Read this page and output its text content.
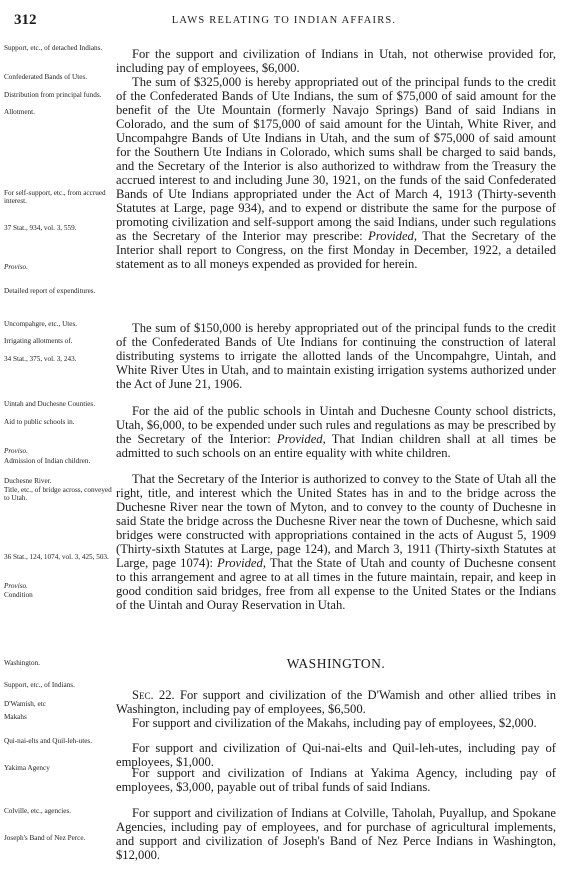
312	LAWS RELATING TO INDIAN AFFAIRS.
Support, etc., of detached Indians.
Confederated Bands of Utes.
Distribution from principal funds.
Allotment.
For self-support, etc., from accrued interest.
37 Stat., 934, vol. 3, 559.
Proviso.
Detailed report of expenditures.
Uncompahgre, etc., Utes.
Irrigating allotments of.
34 Stat., 375, vol. 3, 243.
Uintah and Duchesne Counties.
Aid to public schools in.
Proviso.
Admission of Indian children.
Duchesne River.
Title, etc., of bridge across, conveyed to Utah.
36 Stat., 124, 1074, vol. 3, 425, 503.
Proviso.
Condition
Washington.
Support, etc., of Indians.
D'Wamish, etc
Makahs
Qui-nai-elts and Quil-leh-utes.
Yakima Agency
Colville, etc., agencies.
Joseph's Band of Nez Perce.
For the support and civilization of Indians in Utah, not otherwise provided for, including pay of employees, $6,000.
The sum of $325,000 is hereby appropriated out of the principal funds to the credit of the Confederated Bands of Ute Indians, the sum of $75,000 of said amount for the benefit of the Ute Mountain (formerly Navajo Springs) Band of said Indians in Colorado, and the sum of $175,000 of said amount for the Uintah, White River, and Uncompahgre Bands of Ute Indians in Utah, and the sum of $75,000 of said amount for the Southern Ute Indians in Colorado, which sums shall be charged to said bands, and the Secretary of the Interior is also authorized to withdraw from the Treasury the accrued interest to and including June 30, 1921, on the funds of the said Confederated Bands of Ute Indians appropriated under the Act of March 4, 1913 (Thirty-seventh Statutes at Large, page 934), and to expend or distribute the same for the purpose of promoting civilization and self-support among the said Indians, under such regulations as the Secretary of the Interior may prescribe: Provided, That the Secretary of the Interior shall report to Congress, on the first Monday in December, 1922, a detailed statement as to all moneys expended as provided for herein.
The sum of $150,000 is hereby appropriated out of the principal funds to the credit of the Confederated Bands of Ute Indians for continuing the construction of lateral distributing systems to irrigate the allotted lands of the Uncompahgre, Uintah, and White River Utes in Utah, and to maintain existing irrigation systems authorized under the Act of June 21, 1906.
For the aid of the public schools in Uintah and Duchesne County school districts, Utah, $6,000, to be expended under such rules and regulations as may be prescribed by the Secretary of the Interior: Provided, That Indian children shall at all times be admitted to such schools on an entire equality with white children.
That the Secretary of the Interior is authorized to convey to the State of Utah all the right, title, and interest which the United States has in and to the bridge across the Duchesne River near the town of Myton, and to convey to the county of Duchesne in said State the bridge across the Duchesne River near the town of Duchesne, which said bridges were constructed with appropriations contained in the acts of August 5, 1909 (Thirty-sixth Statutes at Large, page 124), and March 3, 1911 (Thirty-sixth Statutes at Large, page 1074): Provided, That the State of Utah and county of Duchesne consent to this arrangement and agree to at all times in the future maintain, repair, and keep in good condition said bridges, free from all expense to the United States or the Indians of the Uintah and Ouray Reservation in Utah.
WASHINGTON.
Sec. 22. For support and civilization of the D'Wamish and other allied tribes in Washington, including pay of employees, $6,500.
For support and civilization of the Makahs, including pay of employees, $2,000.
For support and civilization of Qui-nai-elts and Quil-leh-utes, including pay of employees, $1,000.
For support and civilization of Indians at Yakima Agency, including pay of employees, $3,000, payable out of tribal funds of said Indians.
For support and civilization of Indians at Colville, Taholah, Puyallup, and Spokane Agencies, including pay of employees, and for purchase of agricultural implements, and support and civilization of Joseph's Band of Nez Perce Indians in Washington, $12,000.
